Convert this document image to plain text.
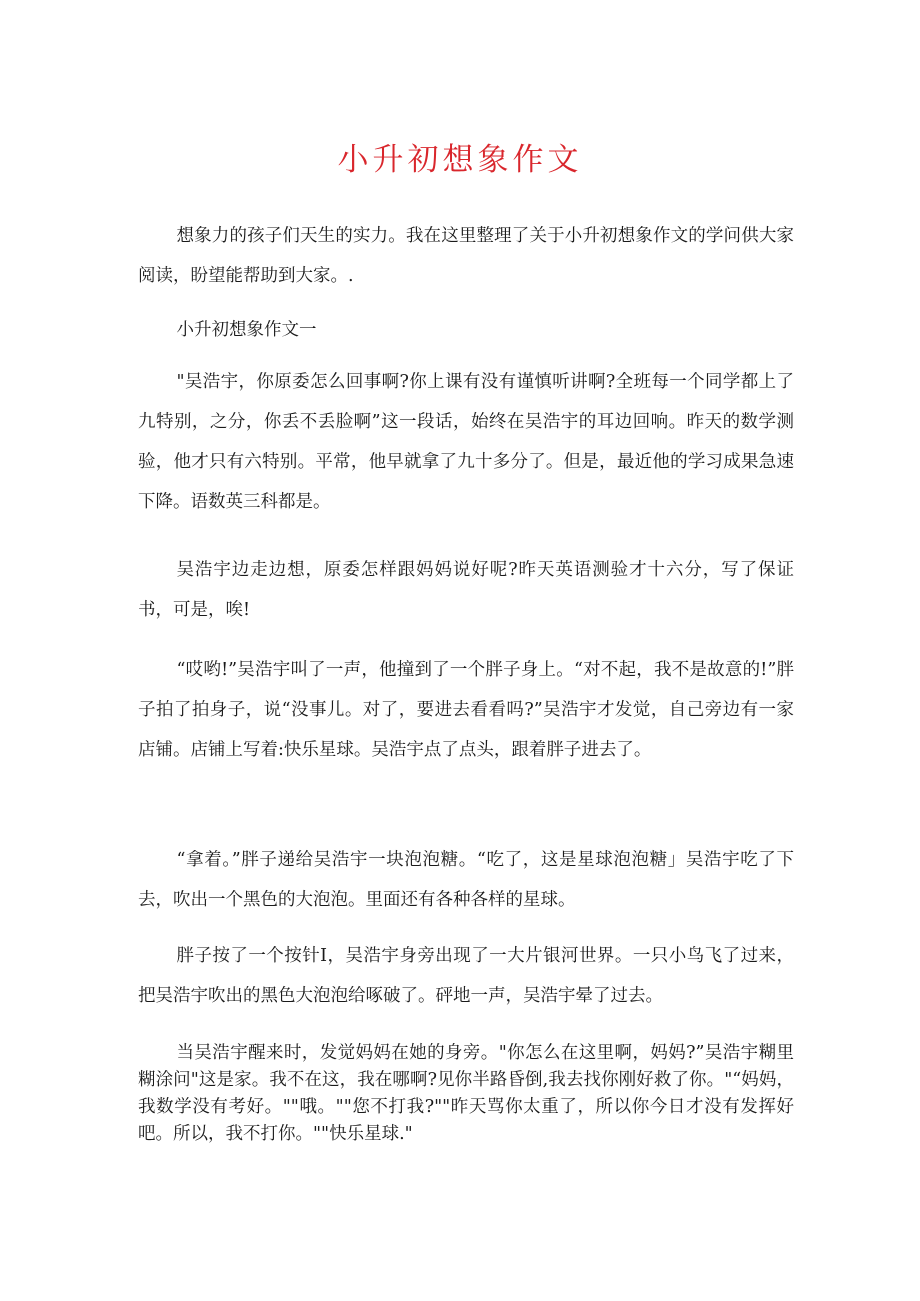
小升初想象作文

想象力的孩子们天生的实力。我在这里整理了关于小升初想象作文的学问供大家阅读，盼望能帮助到大家。.

小升初想象作文一

"吴浩宇，你原委怎么回事啊?你上课有没有谨慎听讲啊?全班每一个同学都上了九特别，之分，你丢不丢脸啊”这一段话，始终在吴浩宇的耳边回响。昨天的数学测验，他才只有六特别。平常，他早就拿了九十多分了。但是，最近他的学习成果急速下降。语数英三科都是。

吴浩宇边走边想，原委怎样跟妈妈说好呢?昨天英语测验才十六分，写了保证书，可是，唉!

“哎哟!”吴浩宇叫了一声，他撞到了一个胖子身上。“对不起，我不是故意的!”胖子拍了拍身子，说“没事儿。对了，要进去看看吗?”吴浩宇才发觉，自己旁边有一家店铺。店铺上写着:快乐星球。吴浩宇点了点头，跟着胖子进去了。

“拿着。”胖子递给吴浩宇一块泡泡糖。“吃了，这是星球泡泡糖」吴浩宇吃了下去，吹出一个黑色的大泡泡。里面还有各种各样的星球。

胖子按了一个按针I，吴浩宇身旁出现了一大片银河世界。一只小鸟飞了过来，把吴浩宇吹出的黑色大泡泡给啄破了。砰地一声，吴浩宇晕了过去。

当吴浩宇醒来时，发觉妈妈在她的身旁。"你怎么在这里啊，妈妈?”吴浩宇糊里糊涂问"这是家。我不在这，我在哪啊?见你半路昏倒,我去找你刚好救了你。"“妈妈，我数学没有考好。""哦。""您不打我?""昨天骂你太重了，所以你今日才没有发挥好吧。所以，我不打你。""快乐星球."
